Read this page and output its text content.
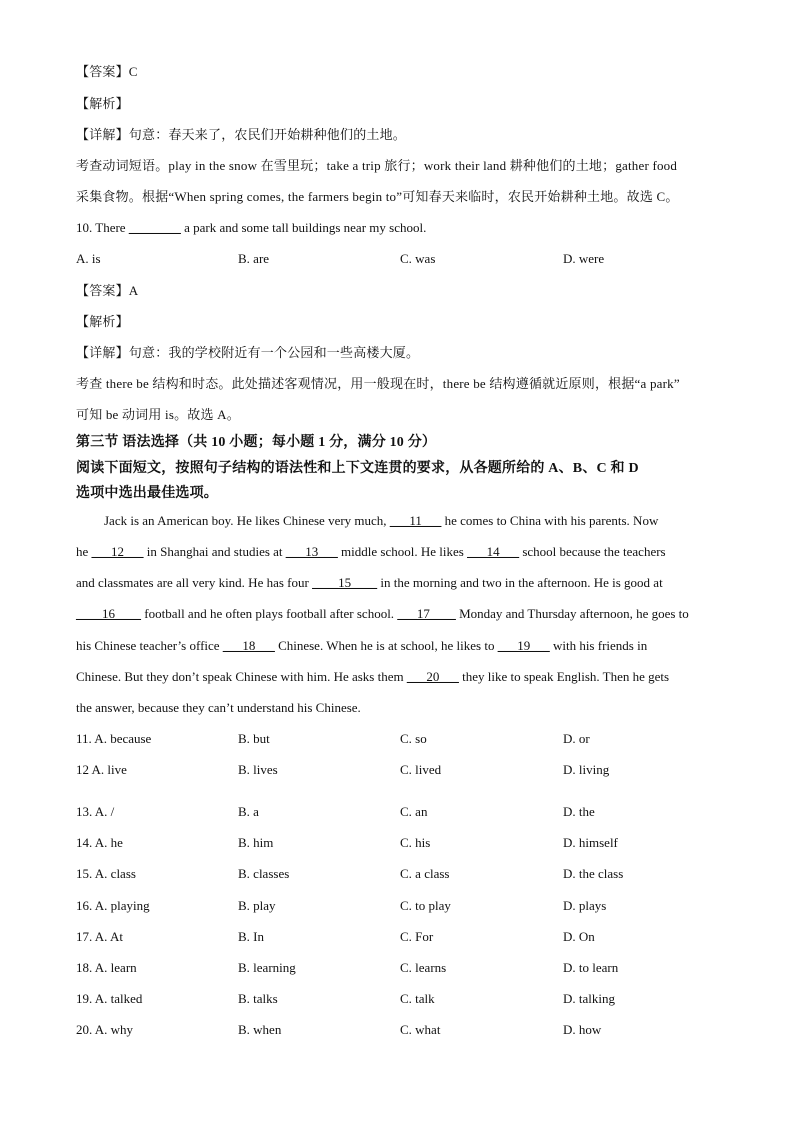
【答案】C
【解析】
【详解】句意：春天来了，农民们开始耕种他们的土地。
考查动词短语。play in the snow 在雪里玩；take a trip 旅行；work their land 耕种他们的土地；gather food
采集食物。根据“When spring comes, the farmers begin to”可知春天来临时，农民开始耕种土地。故选 C。
10. There ________ a park and some tall buildings near my school.
A. is	B. are	C. was	D. were
【答案】A
【解析】
【详解】句意：我的学校附近有一个公园和一些高楼大厦。
考查 there be 结构和时态。此处描述客观情况，用一般现在时，there be 结构遵循就近原则，根据“a park”
可知 be 动词用 is。故选 A。
第三节 语法选择（共 10 小题；每小题 1 分，满分 10 分）
阅读下面短文，按照句子结构的语法性和上下文连贯的要求，从各题所给的 A、B、C 和 D
选项中选出最佳选项。
Jack is an American boy. He likes Chinese very much, ___11___ he comes to China with his parents. Now
he ___12___ in Shanghai and studies at ___13___ middle school. He likes ___14___ school because the teachers
and classmates are all very kind. He has four ____15____ in the morning and two in the afternoon. He is good at
____16____ football and he often plays football after school. ___17____ Monday and Thursday afternoon, he goes to
his Chinese teacher’s office ___18___ Chinese. When he is at school, he likes to ___19___ with his friends in
Chinese. But they don’t speak Chinese with him. He asks them ___20___ they like to speak English. Then he gets
the answer, because they can’t understand his Chinese.
11. A. because	B. but	C. so	D. or
12 A. live	B. lives	C. lived	D. living
13. A. /	B. a	C. an	D. the
14. A. he	B. him	C. his	D. himself
15. A. class	B. classes	C. a class	D. the class
16. A. playing	B. play	C. to play	D. plays
17. A. At	B. In	C. For	D. On
18. A. learn	B. learning	C. learns	D. to learn
19. A. talked	B. talks	C. talk	D. talking
20. A. why	B. when	C. what	D. how
